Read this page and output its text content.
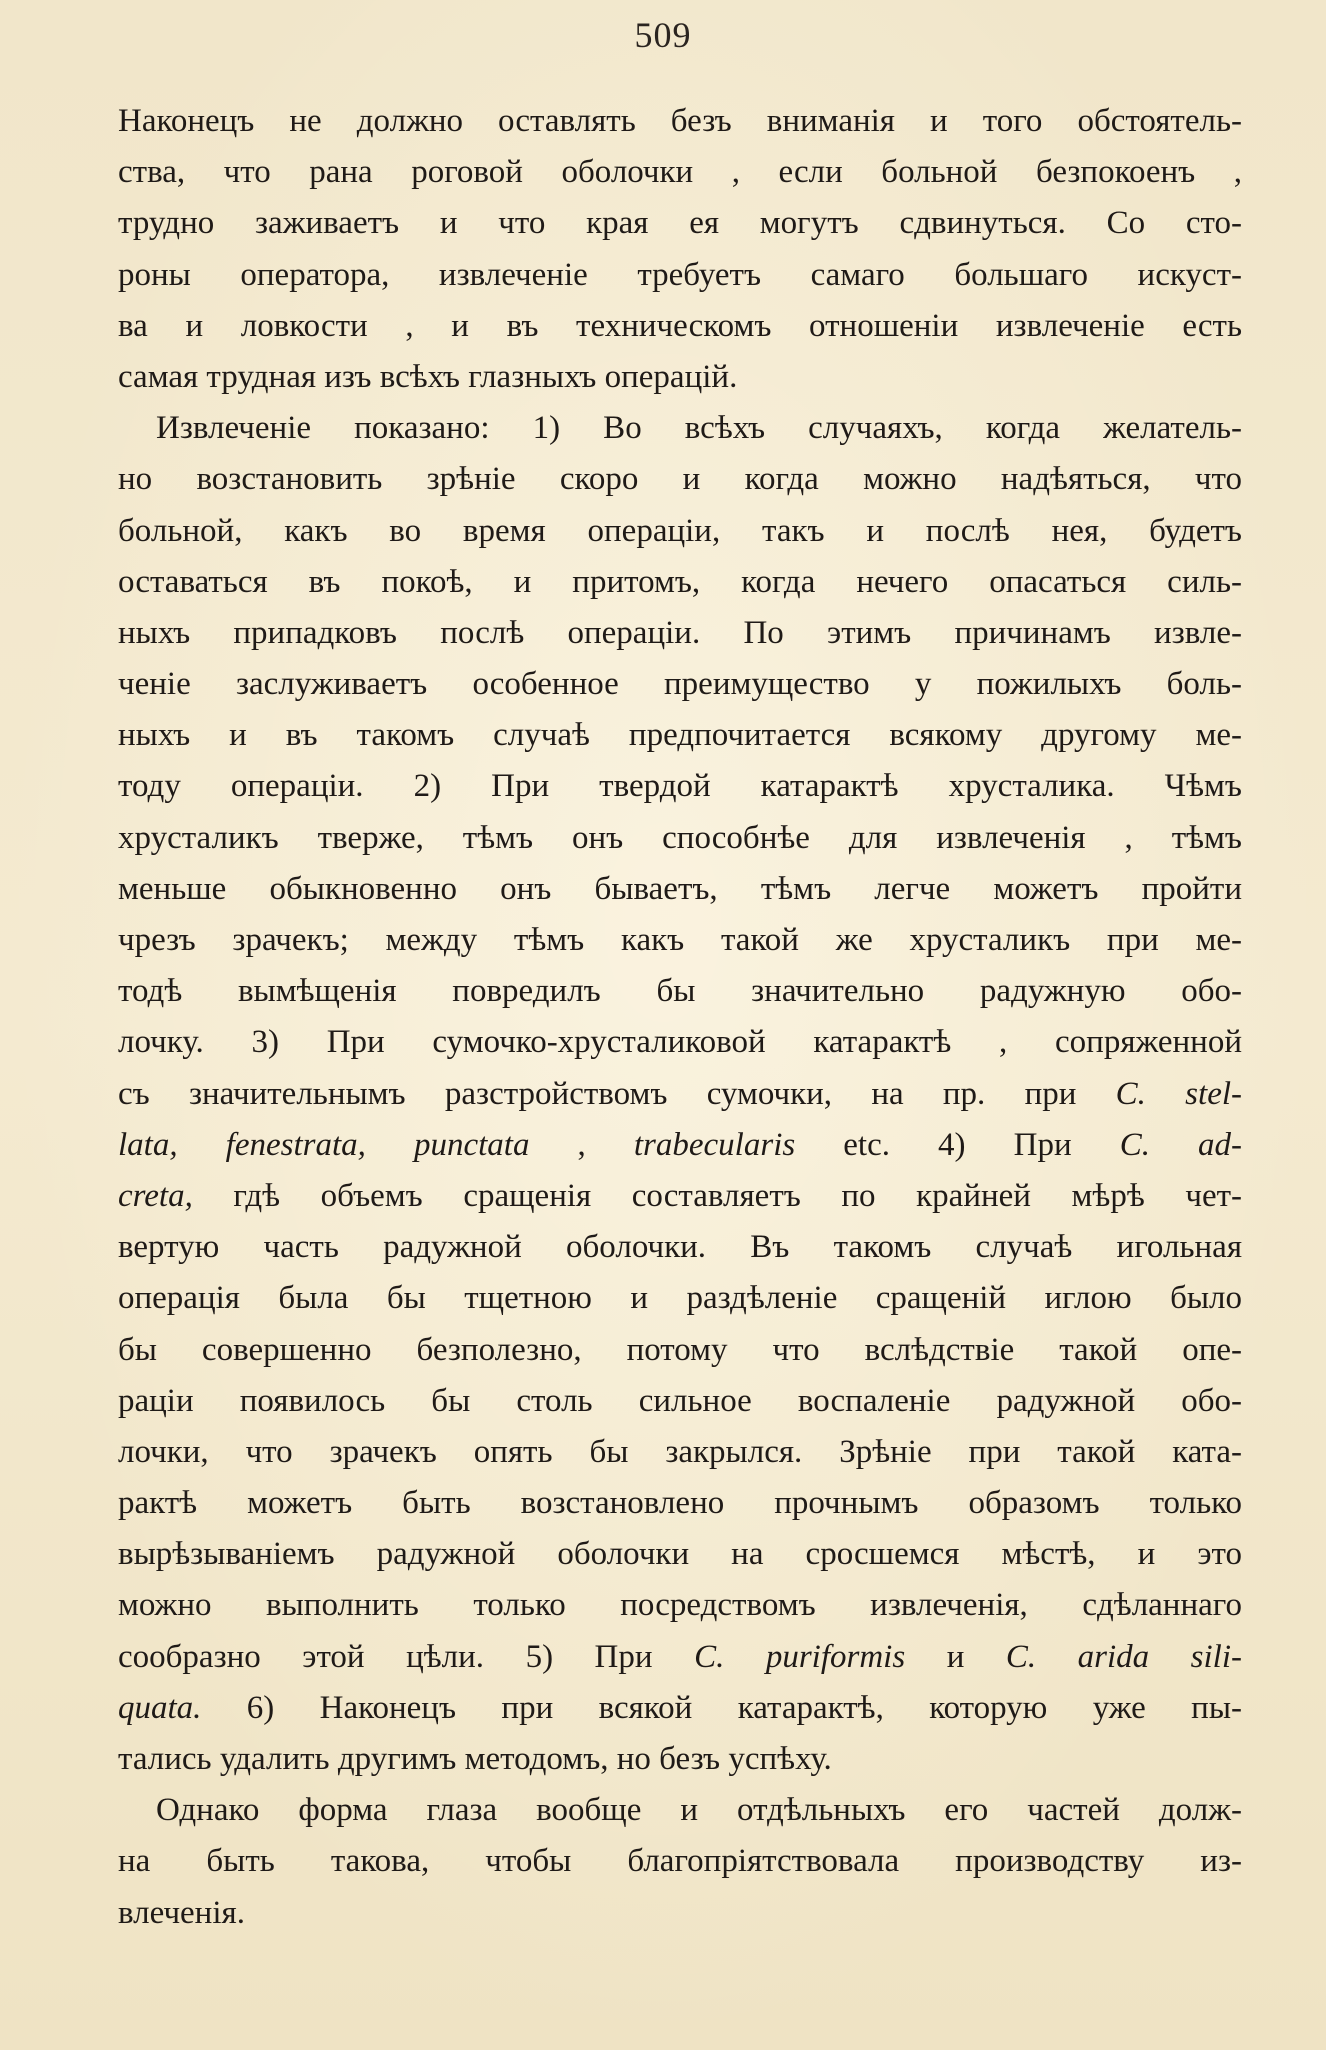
509
Наконецъ не должно оставлять безъ вниманія и того обстоятель-
ства, что рана роговой оболочки , если больной безпокоенъ ,
трудно заживаетъ и что края ея могутъ сдвинуться. Со сто-
роны оператора, извлеченіе требуетъ самаго большаго искуст-
ва и ловкости , и въ техническомъ отношеніи извлеченіе есть
самая трудная изъ всѣхъ глазныхъ операцій.
Извлеченіе показано: 1) Во всѣхъ случаяхъ, когда желатель-
но возстановить зрѣніе скоро и когда можно надѣяться, что
больной, какъ во время операціи, такъ и послѣ нея, будетъ
оставаться въ покоѣ, и притомъ, когда нечего опасаться силь-
ныхъ припадковъ послѣ операціи. По этимъ причинамъ извле-
ченіе заслуживаетъ особенное преимущество у пожилыхъ боль-
ныхъ и въ такомъ случаѣ предпочитается всякому другому ме-
тоду операціи. 2) При твердой катарактѣ хрусталика. Чѣмъ
хрусталикъ тверже, тѣмъ онъ способнѣе для извлеченія , тѣмъ
меньше обыкновенно онъ бываетъ, тѣмъ легче можетъ пройти
чрезъ зрачекъ; между тѣмъ какъ такой же хрусталикъ при ме-
тодѣ вымѣщенія повредилъ бы значительно радужную обо-
лочку. 3) При сумочко-хрусталиковой катарактѣ , сопряженной
съ значительнымъ разстройствомъ сумочки, на пр. при C. stel-
lata, fenestrata, punctata , trabecularis etc. 4) При C. ad-
creta, гдѣ объемъ сращенія составляетъ по крайней мѣрѣ чет-
вертую часть радужной оболочки. Въ такомъ случаѣ игольная
операція была бы тщетною и раздѣленіе сращеній иглою было
бы совершенно безполезно, потому что вслѣдствіе такой опе-
раціи появилось бы столь сильное воспаленіе радужной обо-
лочки, что зрачекъ опять бы закрылся. Зрѣніе при такой ката-
рактѣ можетъ быть возстановлено прочнымъ образомъ только
вырѣзываніемъ радужной оболочки на сросшемся мѣстѣ, и это
можно выполнить только посредствомъ извлеченія, сдѣланнаго
сообразно этой цѣли. 5) При C. puriformis и C. arida sili-
quata. 6) Наконецъ при всякой катарактѣ, которую уже пы-
тались удалить другимъ методомъ, но безъ успѣху.
Однако форма глаза вообще и отдѣльныхъ его частей долж-
на быть такова, чтобы благопріятствовала производству из-
влеченія.
